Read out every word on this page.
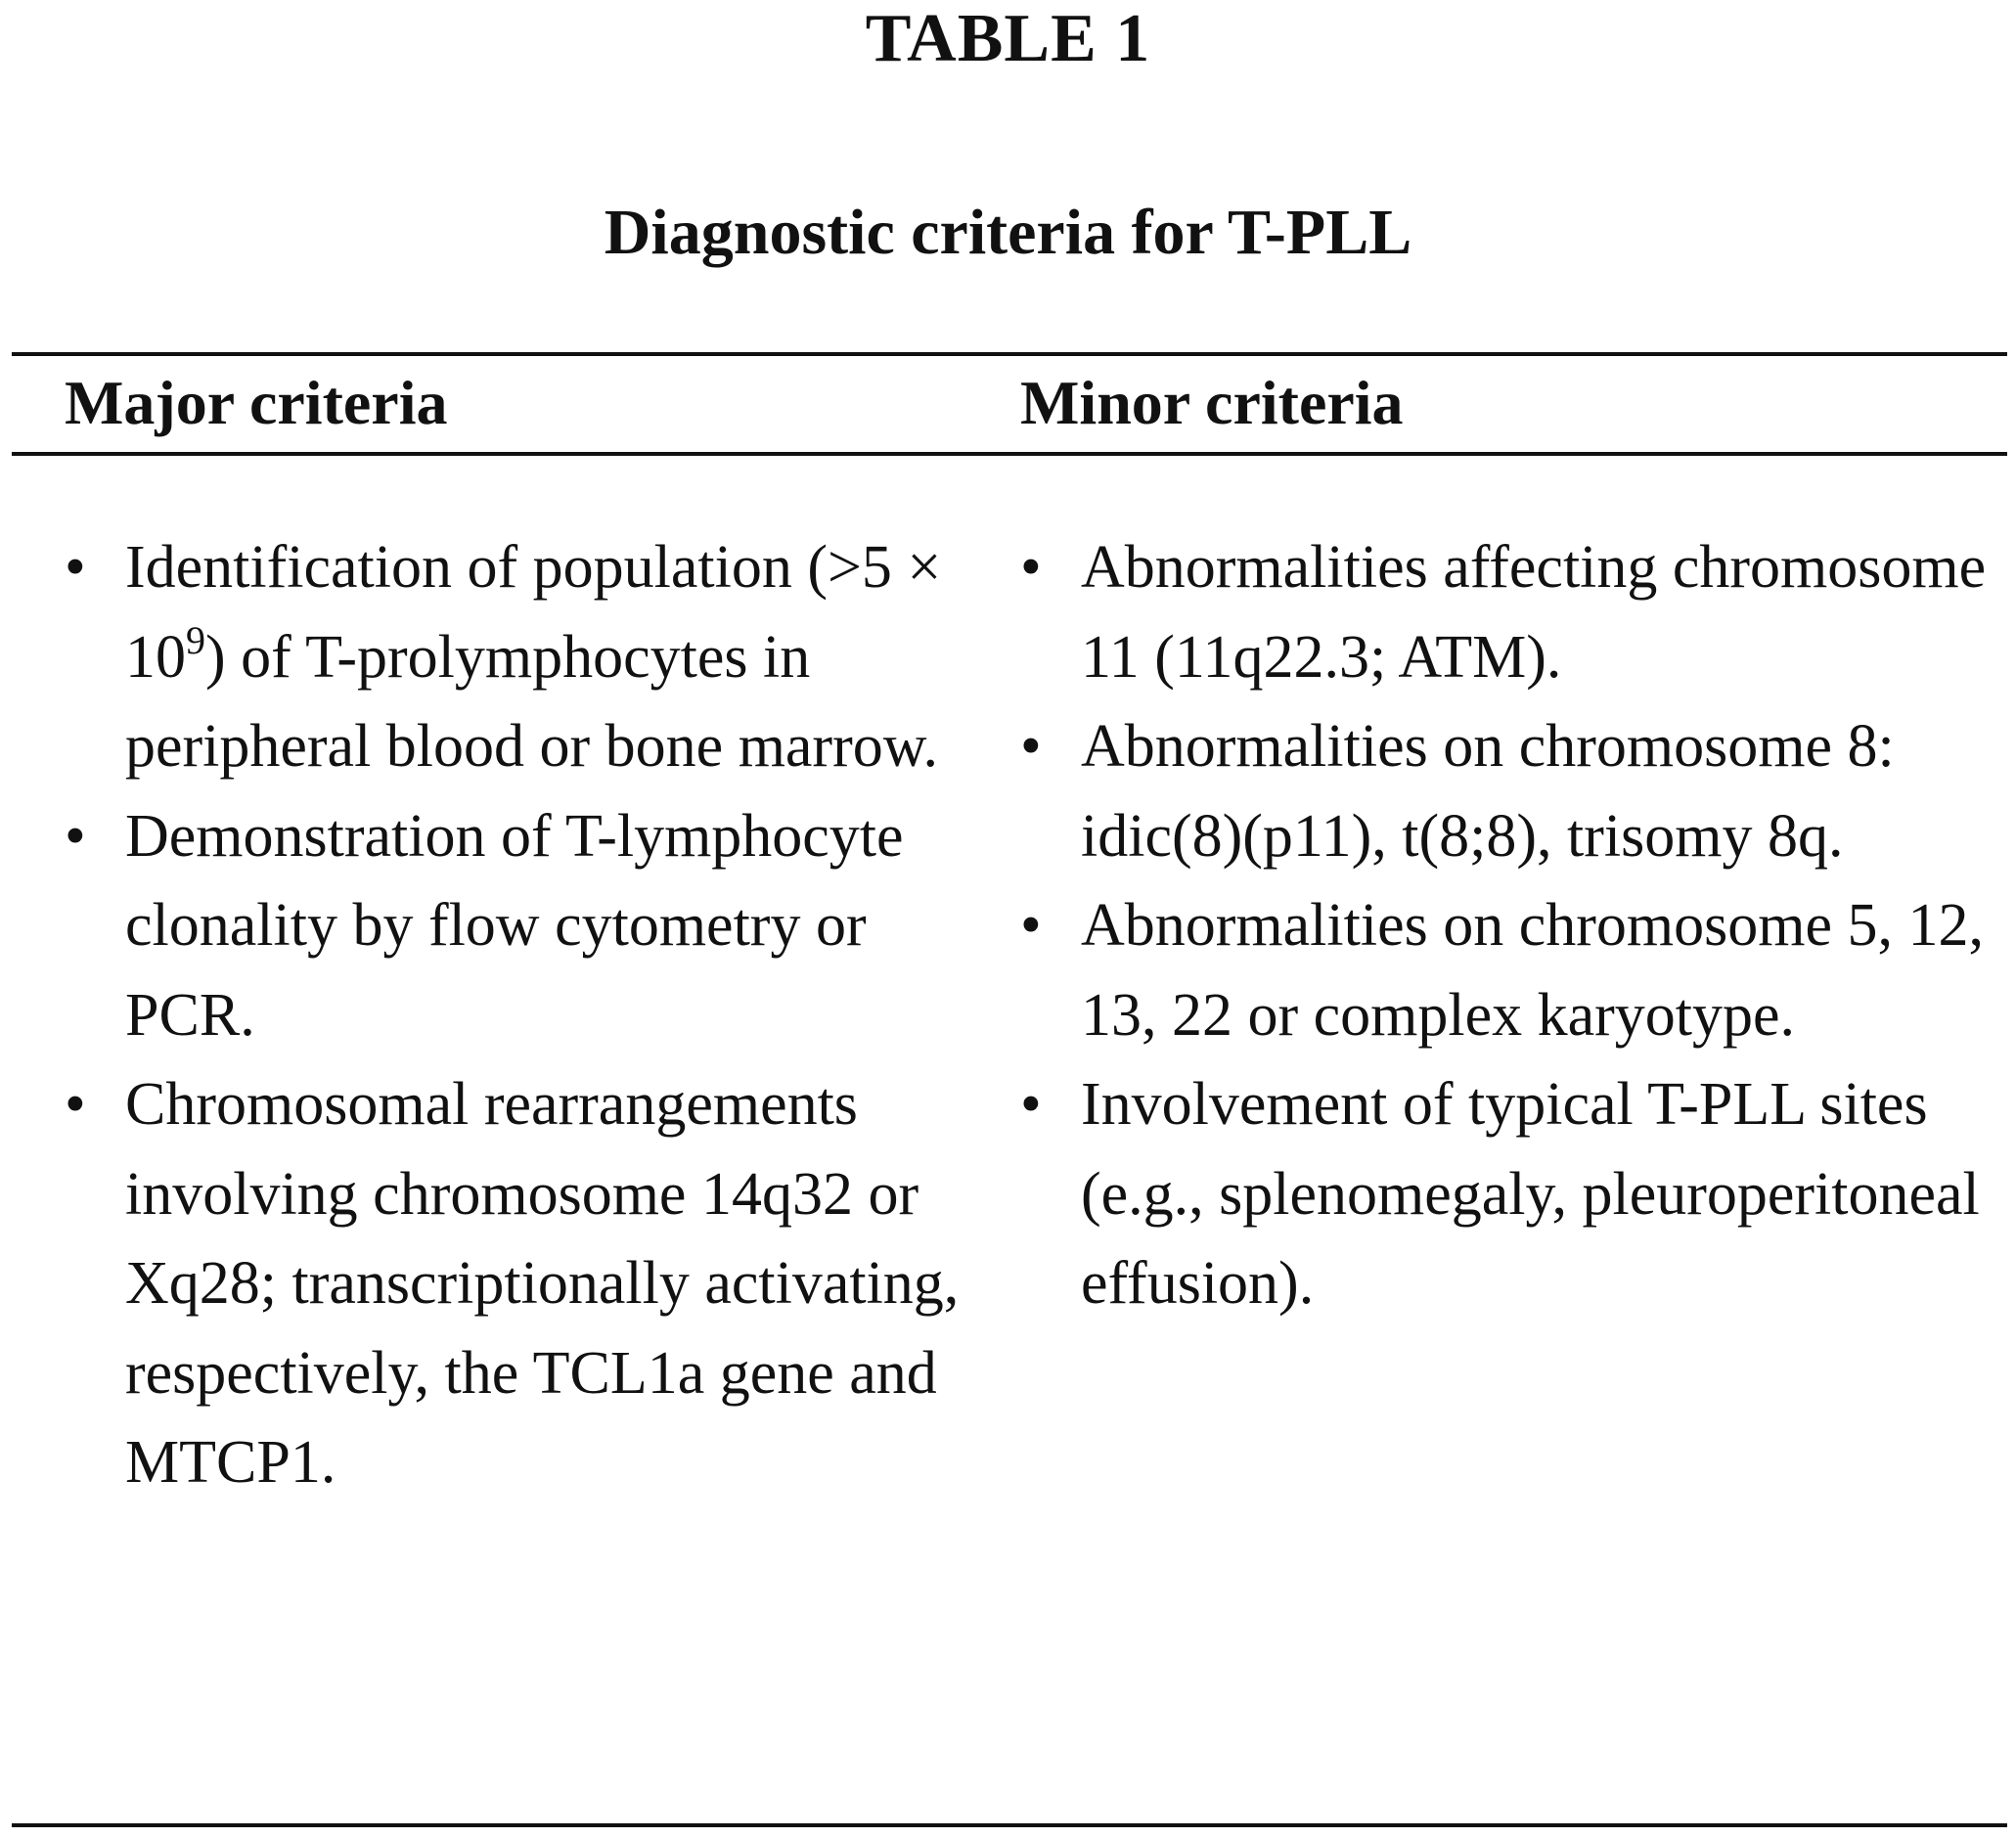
TABLE 1
Diagnostic criteria for T-PLL
Major criteria	Minor criteria
• Identification of population $(>5 \times 10^9)$ of T-prolymphocytes in peripheral blood or bone marrow.
• Demonstration of T-lymphocyte clonality by flow cytometry or PCR.
• Chromosomal rearrangements involving chromosome 14q32 or Xq28; transcriptionally activating, respectively, the TCL1a gene and MTCP1.
• Abnormalities affecting chromosome 11 (11q22.3; ATM).
• Abnormalities on chromosome 8: idic(8)(p11), t(8;8), trisomy 8q.
• Abnormalities on chromosome 5, 12, 13, 22 or complex karyotype.
• Involvement of typical T-PLL sites (e.g., splenomegaly, pleuroperitoneal effusion).
